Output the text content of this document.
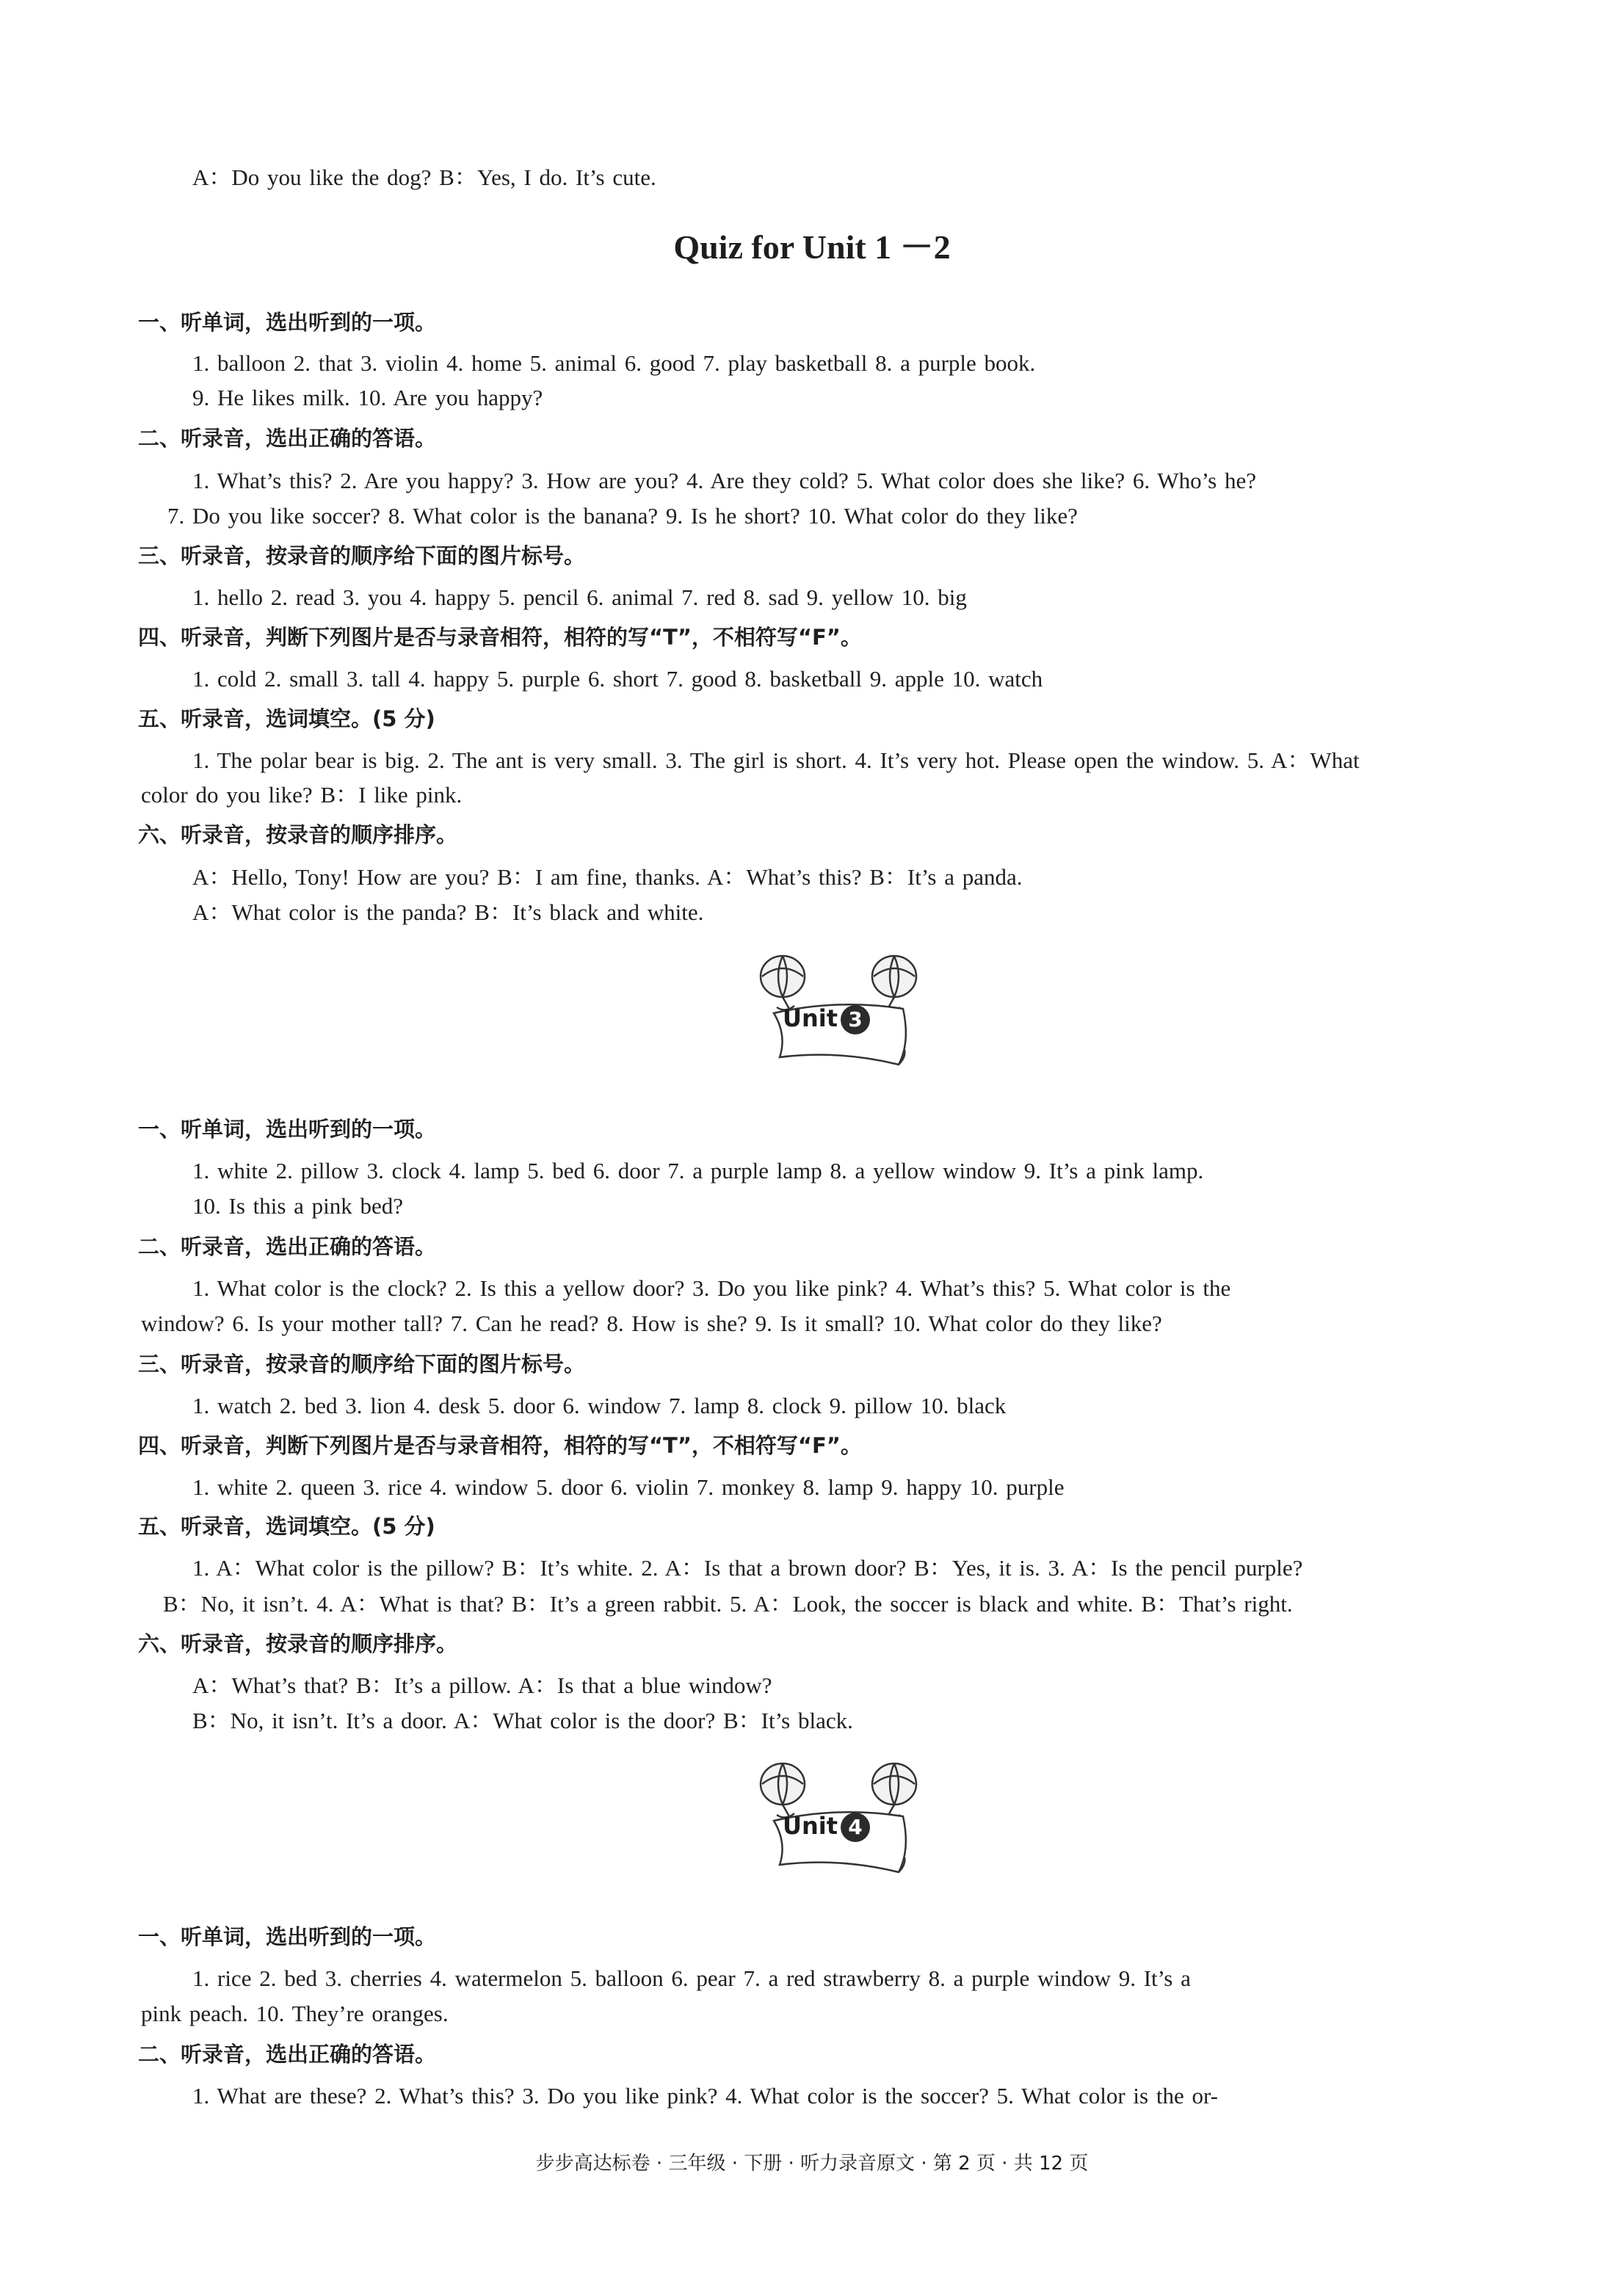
A：Do you like the dog? B：Yes, I do. It’s cute.
Quiz for Unit 1 －2
一、听单词，选出听到的一项。
1. balloon 2. that 3. violin 4. home 5. animal 6. good 7. play basketball 8. a purple book.
9. He likes milk. 10. Are you happy?
二、听录音，选出正确的答语。
1. What’s this? 2. Are you happy? 3. How are you? 4. Are they cold? 5. What color does she like? 6. Who’s he?
7. Do you like soccer? 8. What color is the banana? 9. Is he short? 10. What color do they like?
三、听录音，按录音的顺序给下面的图片标号。
1. hello 2. read 3. you 4. happy 5. pencil 6. animal 7. red 8. sad 9. yellow 10. big
四、听录音，判断下列图片是否与录音相符，相符的写“T”，不相符写“F”。
1. cold 2. small 3. tall 4. happy 5. purple 6. short 7. good 8. basketball 9. apple 10. watch
五、听录音，选词填空。(5 分)
1. The polar bear is big. 2. The ant is very small. 3. The girl is short. 4. It’s very hot. Please open the window. 5. A：What
color do you like? B：I like pink.
六、听录音，按录音的顺序排序。
A：Hello, Tony! How are you? B：I am fine, thanks. A：What’s this? B：It’s a panda.
A：What color is the panda? B：It’s black and white.
Unit 3
一、听单词，选出听到的一项。
1. white 2. pillow 3. clock 4. lamp 5. bed 6. door 7. a purple lamp 8. a yellow window 9. It’s a pink lamp.
10. Is this a pink bed?
二、听录音，选出正确的答语。
1. What color is the clock? 2. Is this a yellow door? 3. Do you like pink? 4. What’s this? 5. What color is the
window? 6. Is your mother tall? 7. Can he read? 8. How is she? 9. Is it small? 10. What color do they like?
三、听录音，按录音的顺序给下面的图片标号。
1. watch 2. bed 3. lion 4. desk 5. door 6. window 7. lamp 8. clock 9. pillow 10. black
四、听录音，判断下列图片是否与录音相符，相符的写“T”，不相符写“F”。
1. white 2. queen 3. rice 4. window 5. door 6. violin 7. monkey 8. lamp 9. happy 10. purple
五、听录音，选词填空。(5 分)
1. A：What color is the pillow? B：It’s white. 2. A：Is that a brown door? B：Yes, it is. 3. A：Is the pencil purple?
B：No, it isn’t. 4. A：What is that? B：It’s a green rabbit. 5. A：Look, the soccer is black and white. B：That’s right.
六、听录音，按录音的顺序排序。
A：What’s that? B：It’s a pillow. A：Is that a blue window?
B：No, it isn’t. It’s a door. A：What color is the door? B：It’s black.
Unit 4
一、听单词，选出听到的一项。
1. rice 2. bed 3. cherries 4. watermelon 5. balloon 6. pear 7. a red strawberry 8. a purple window 9. It’s a
pink peach. 10. They’re oranges.
二、听录音，选出正确的答语。
1. What are these? 2. What’s this? 3. Do you like pink? 4. What color is the soccer? 5. What color is the or-
步步高达标卷 · 三年级 · 下册 · 听力录音原文 · 第 2 页 · 共 12 页
